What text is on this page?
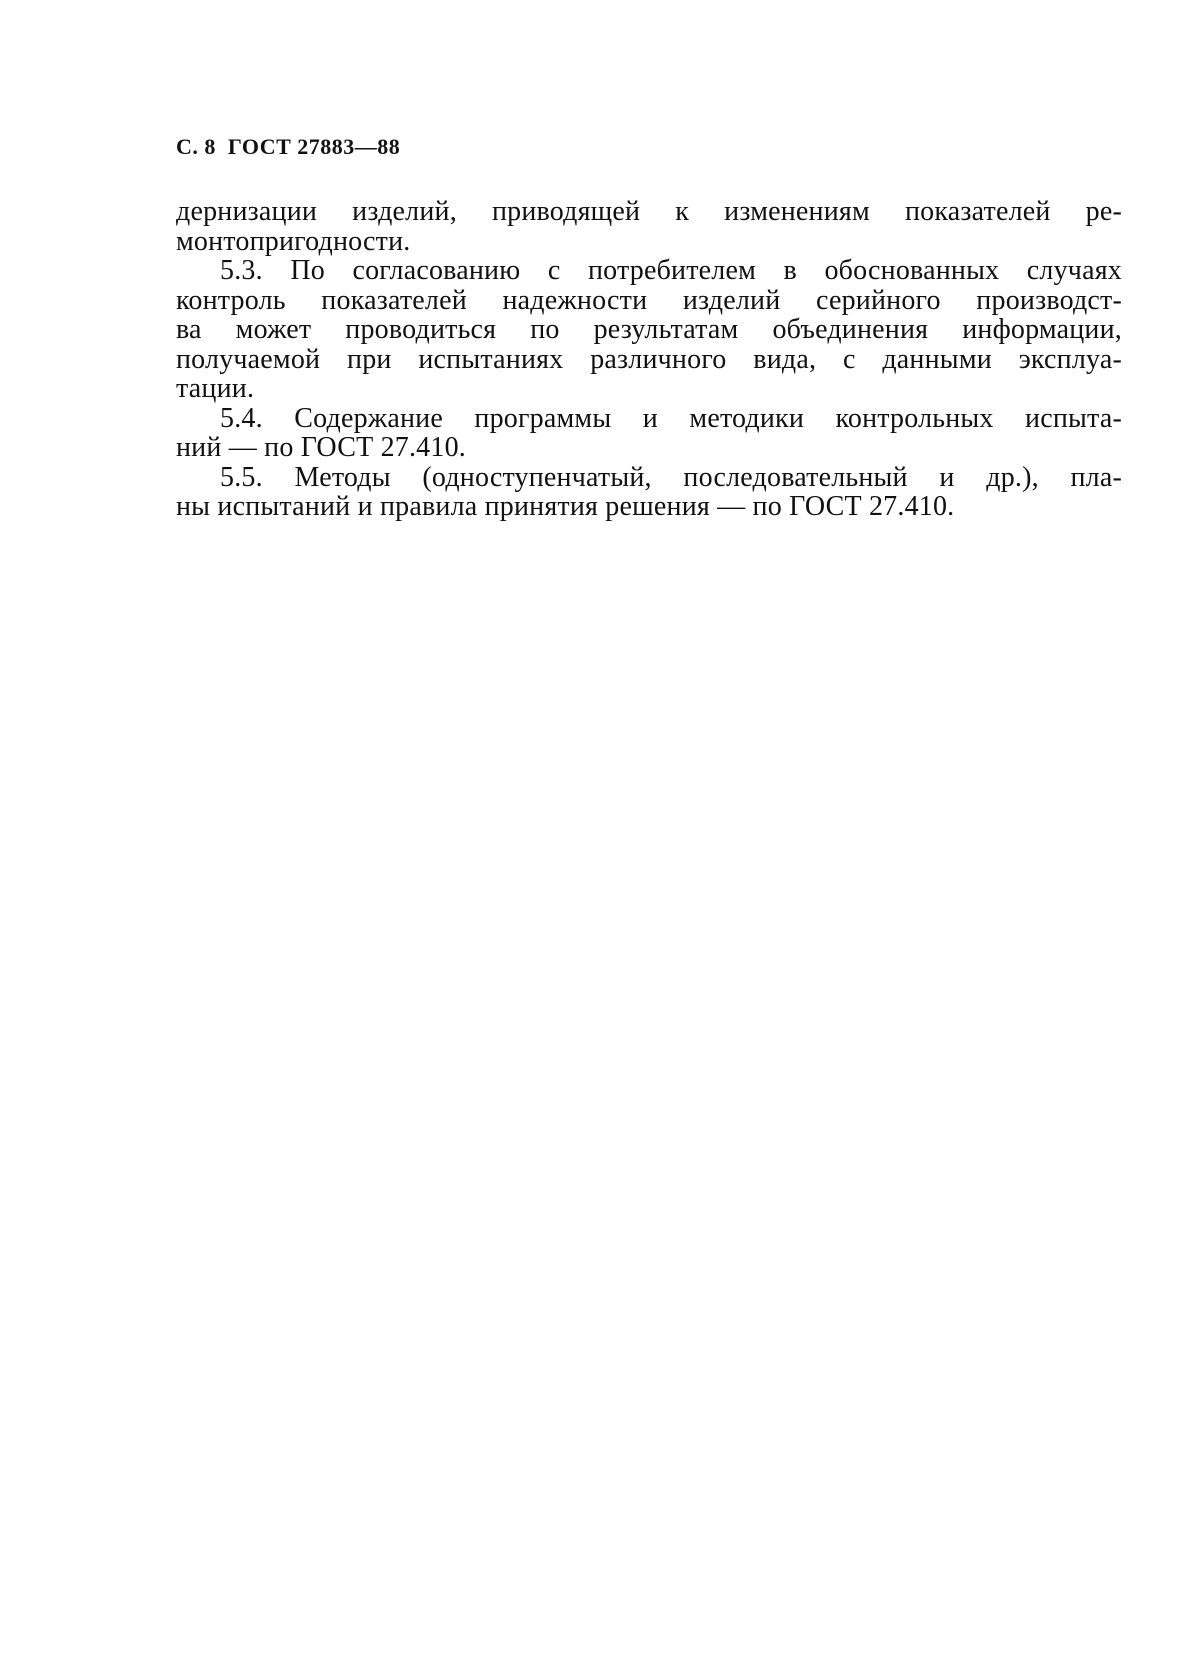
С. 8  ГОСТ 27883—88
дернизации изделий, приводящей к изменениям показателей ре-
монтопригодности.
5.3. По согласованию с потребителем в обоснованных случаях
контроль показателей надежности изделий серийного производст-
ва может проводиться по результатам объединения информации,
получаемой при испытаниях различного вида, с данными эксплуа-
тации.
5.4. Содержание программы и методики контрольных испыта-
ний — по ГОСТ 27.410.
5.5. Методы (одноступенчатый, последовательный и др.), пла-
ны испытаний и правила принятия решения — по ГОСТ 27.410.
